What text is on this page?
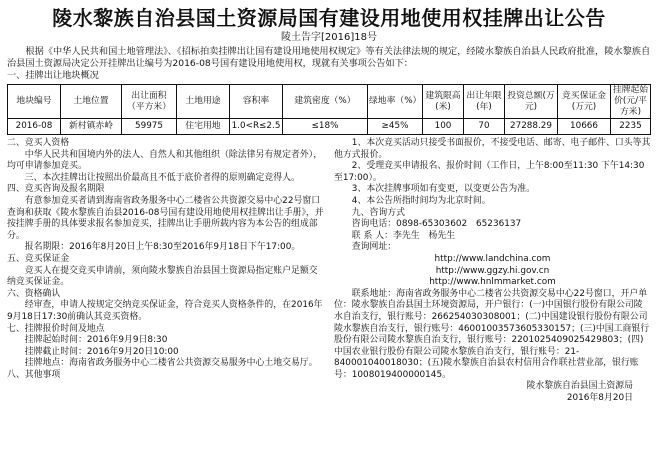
陵水黎族自治县国土资源局国有建设用地使用权挂牌出让公告
陵土告字[2016]18号
根据《中华人民共和国土地管理法》、《招标拍卖挂牌出让国有建设用地使用权规定》等有关法律法规的规定，经陵水黎族自治县人民政府批准，陵水黎族自治县国土资源局决定公开挂牌出让编号为2016-08号国有建设用地使用权，现就有关事项公告如下：
一、挂牌出让地块概况
地块编号	土地位置	出让面积（平方米）	土地用途	容积率	建筑密度（%）	绿地率（%）	建筑限高(米)	出让年限(年)	投资总额(万元)	竞买保证金(万元)	挂牌起始价(元/平方米)
2016-08	新村镇赤岭	59975	住宅用地	1.0<R≤2.5	≤18%	≥45%	100	70	27288.29	10666	2235

二、竞买人资格

中华人民共和国境内外的法人、自然人和其他组织（除法律另有规定者外），均可申请参加竞买。

三、本次挂牌出让按照出价最高且不低于底价者得的原则确定竞得人。

四、竞买咨询及报名期限

有意参加竞买者请到海南省政务服务中心二楼省公共资源交易中心22号窗口查询和获取《陵水黎族自治县2016-08号国有建设用地使用权挂牌出让手册》，并按挂牌手册的具体要求报名参加竞买，挂牌出让手册所载内容为本公告的组成部分。

报名期限：2016年8月20日上午8:30至2016年9月18日下午17:00。

五、竞买保证金

竞买人在提交竞买申请前，须向陵水黎族自治县国土资源局指定账户足额交纳竞买保证金。

六、资格确认

经审查，申请人按规定交纳竞买保证金，符合竞买人资格条件的，在2016年9月18日17:30前确认其竞买资格。

七、挂牌报价时间及地点

挂牌起始时间：2016年9月9日8:30

挂牌截止时间：2016年9月20日10:00

挂牌地点：海南省政务服务中心二楼省公共资源交易服务中心土地交易厅。

八、其他事项

1、本次竞买活动只接受书面报价，不接受电话、邮寄、电子邮件、口头等其他方式报价。

2、受理竞买申请报名、报价时间（工作日，上午8:00至11:30 下午14:30至17:00）。

3、本次挂牌事项如有变更，以变更公告为准。

4、本公告所指时间均为北京时间。

九、咨询方式

咨询电话：0898-65303602　65236137

联 系 人：李先生　杨先生

查询网址：

http://www.landchina.com

http://www.ggzy.hi.gov.cn

http://www.hnlmmarket.com

联系地址：海南省政务服务中心二楼省公共资源交易中心22号窗口，开户单位：陵水黎族自治县国土环境资源局，开户银行：(一)中国银行股份有限公司陵水自治支行，银行账号：266254030308001；(二)中国建设银行股份有限公司陵水黎族自治支行，银行账号：46001003573605330157；(三)中国工商银行股份有限公司陵水黎族自治支行，银行账号：2201025409025429803；(四)中国农业银行股份有限公司陵水黎族自治支行，银行账号：21-840001040018030；(五)陵水黎族自治县农村信用合作联社营业部，银行账号：1008019400000145。

陵水黎族自治县国土资源局

2016年8月20日
